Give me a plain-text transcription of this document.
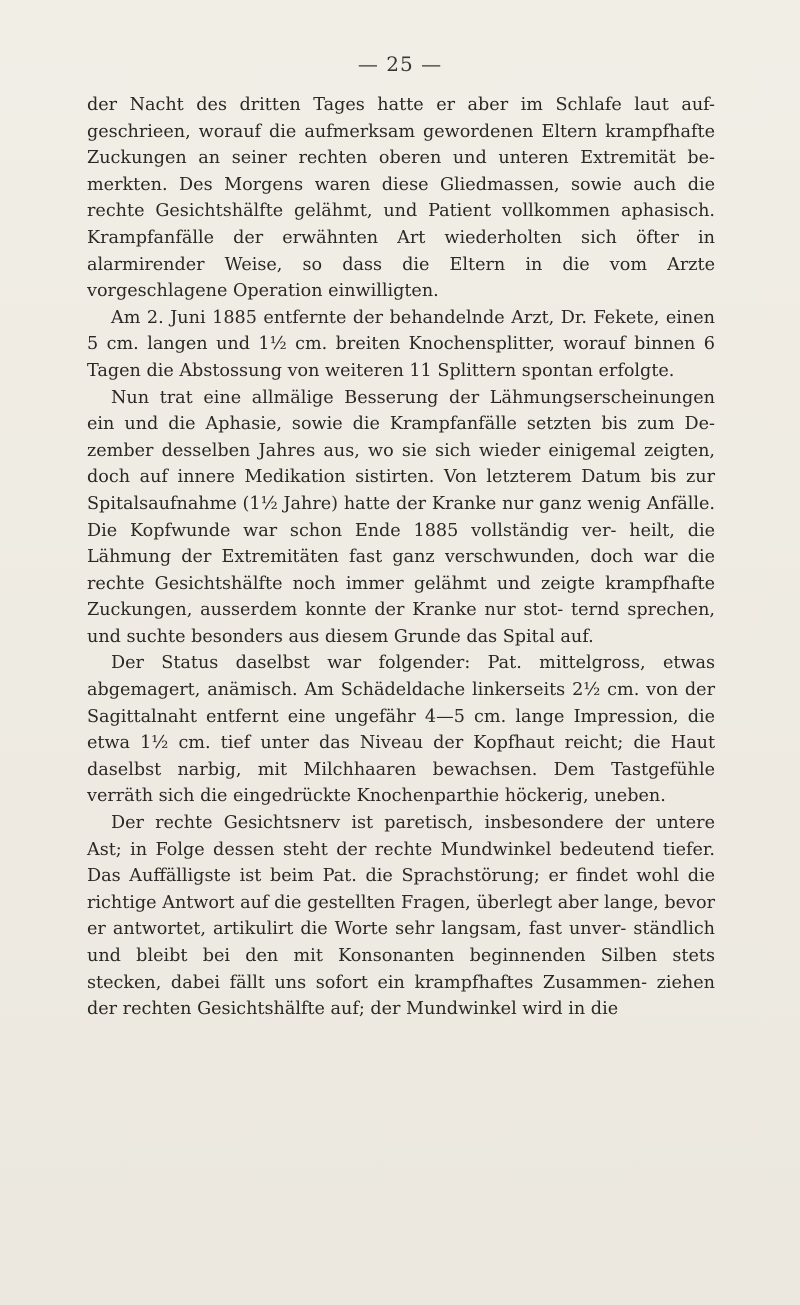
— 25 —

der Nacht des dritten Tages hatte er aber im Schlafe laut auf- geschrieen, worauf die aufmerksam gewordenen Eltern krampfhafte Zuckungen an seiner rechten oberen und unteren Extremität be- merkten. Des Morgens waren diese Gliedmassen, sowie auch die rechte Gesichtshälfte gelähmt, und Patient vollkommen aphasisch. Krampfanfälle der erwähnten Art wiederholten sich öfter in alarmirender Weise, so dass die Eltern in die vom Arzte vorgeschlagene Operation einwilligten.

Am 2. Juni 1885 entfernte der behandelnde Arzt, Dr. Fekete, einen 5 cm. langen und 1½ cm. breiten Knochensplitter, worauf binnen 6 Tagen die Abstossung von weiteren 11 Splittern spontan erfolgte.

Nun trat eine allmälige Besserung der Lähmungserscheinungen ein und die Aphasie, sowie die Krampfanfälle setzten bis zum De- zember desselben Jahres aus, wo sie sich wieder einigemal zeigten, doch auf innere Medikation sistirten. Von letzterem Datum bis zur Spitalsaufnahme (1½ Jahre) hatte der Kranke nur ganz wenig Anfälle. Die Kopfwunde war schon Ende 1885 vollständig ver- heilt, die Lähmung der Extremitäten fast ganz verschwunden, doch war die rechte Gesichtshälfte noch immer gelähmt und zeigte krampfhafte Zuckungen, ausserdem konnte der Kranke nur stot- ternd sprechen, und suchte besonders aus diesem Grunde das Spital auf.

Der Status daselbst war folgender: Pat. mittelgross, etwas abgemagert, anämisch. Am Schädeldache linkerseits 2½ cm. von der Sagittalnaht entfernt eine ungefähr 4—5 cm. lange Impression, die etwa 1½ cm. tief unter das Niveau der Kopfhaut reicht; die Haut daselbst narbig, mit Milchhaaren bewachsen. Dem Tastgefühle verräth sich die eingedrückte Knochenparthie höckerig, uneben.

Der rechte Gesichtsnerv ist paretisch, insbesondere der untere Ast; in Folge dessen steht der rechte Mundwinkel bedeutend tiefer. Das Auffälligste ist beim Pat. die Sprachstörung; er findet wohl die richtige Antwort auf die gestellten Fragen, überlegt aber lange, bevor er antwortet, artikulirt die Worte sehr langsam, fast unver- ständlich und bleibt bei den mit Konsonanten beginnenden Silben stets stecken, dabei fällt uns sofort ein krampfhaftes Zusammen- ziehen der rechten Gesichtshälfte auf; der Mundwinkel wird in die
